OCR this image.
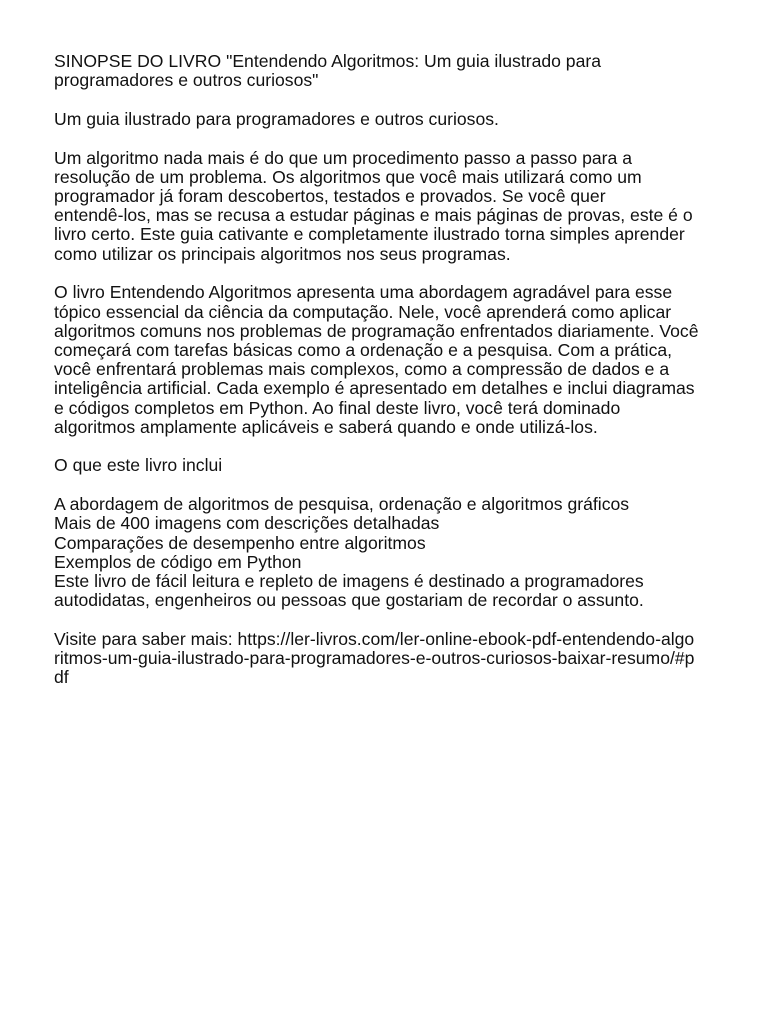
SINOPSE DO LIVRO "Entendendo Algoritmos: Um guia ilustrado para
programadores e outros curiosos"
Um guia ilustrado para programadores e outros curiosos.
Um algoritmo nada mais é do que um procedimento passo a passo para a
resolução de um problema. Os algoritmos que você mais utilizará como um
programador já foram descobertos, testados e provados. Se você quer
entendê-los, mas se recusa a estudar páginas e mais páginas de provas, este é o
livro certo. Este guia cativante e completamente ilustrado torna simples aprender
como utilizar os principais algoritmos nos seus programas.
O livro Entendendo Algoritmos apresenta uma abordagem agradável para esse
tópico essencial da ciência da computação. Nele, você aprenderá como aplicar
algoritmos comuns nos problemas de programação enfrentados diariamente. Você
começará com tarefas básicas como a ordenação e a pesquisa. Com a prática,
você enfrentará problemas mais complexos, como a compressão de dados e a
inteligência artificial. Cada exemplo é apresentado em detalhes e inclui diagramas
e códigos completos em Python. Ao final deste livro, você terá dominado
algoritmos amplamente aplicáveis e saberá quando e onde utilizá-los.
O que este livro inclui
A abordagem de algoritmos de pesquisa, ordenação e algoritmos gráficos
Mais de 400 imagens com descrições detalhadas
Comparações de desempenho entre algoritmos
Exemplos de código em Python
Este livro de fácil leitura e repleto de imagens é destinado a programadores
autodidatas, engenheiros ou pessoas que gostariam de recordar o assunto.
Visite para saber mais: https://ler-livros.com/ler-online-ebook-pdf-entendendo-algo
ritmos-um-guia-ilustrado-para-programadores-e-outros-curiosos-baixar-resumo/#p
df
